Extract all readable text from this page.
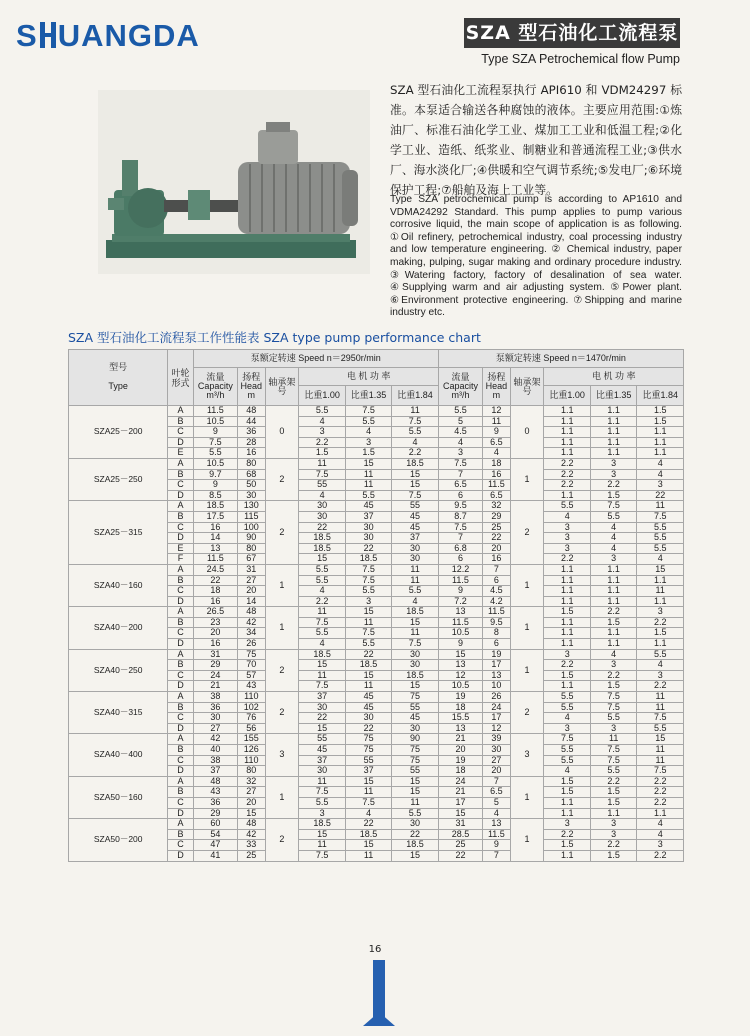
S UANGDA	SZA 型石油化工流程泵
Type SZA Petrochemical flow Pump
SZA 型石油化工流程泵执行 API610 和 VDM24297 标准。本泵适合输送各种腐蚀的液体。主要应用范围:①炼油厂、标准石油化学工业、煤加工工业和低温工程;②化学工业、造纸、纸浆业、制糖业和普通流程工业;③供水厂、海水淡化厂;④供暖和空气调节系统;⑤发电厂;⑥环境保护工程;⑦船舶及海上工业等。
Type SZA petrochemical pump is according to AP1610 and VDMA24292 Standard. This pump applies to pump various corrosive liquid, the main scope of application is as following. ①Oil refinery, petrochemical industry, coal processing industry and low temperature engineering. ② Chemical industry, paper making, pulping, sugar making and ordinary procedure industry. ③Watering factory, factory of desalination of sea water. ④Supplying warm and air adjusting system. ⑤Power plant. ⑥Environment protective engineering. ⑦Shipping and marine industry etc.
SZA 型石油化工流程泵工作性能表 SZA type pump performance chart
型号

Type	叶轮形式	泵额定转速 Speed n＝2950r/min						泵额定转速 Speed n＝1470r/min					
		流量 Capacity m³/h	扬程 Head m	轴承架号	电 机 功 率			流量 Capacity m³/h	扬程 Head m	轴承架号	电 机 功 率		
					比重1.00	比重1.35	比重1.84				比重1.00	比重1.35	比重1.84
SZA25－200	A	11.5	48	0	5.5	7.5	11	5.5	12	0	1.1	1.1	1.5
	B	10.5	44		4	5.5	7.5	5	11		1.1	1.1	1.5
	C	9	36		3	4	5.5	4.5	9		1.1	1.1	1.1
	D	7.5	28		2.2	3	4	4	6.5		1.1	1.1	1.1
	E	5.5	16		1.5	1.5	2.2	3	4		1.1	1.1	1.1
SZA25－250	A	10.5	80	2	11	15	18.5	7.5	18	1	2.2	3	4
	B	9.7	68		7.5	11	15	7	16		2.2	3	4
	C	9	50		55	11	15	6.5	11.5		2.2	2.2	3
	D	8.5	30		4	5.5	7.5	6	6.5		1.1	1.5	22
SZA25－315	A	18.5	130	2	30	45	55	9.5	32	2	5.5	7.5	11
	B	17.5	115		30	37	45	8.7	29		4	5.5	7.5
	C	16	100		22	30	45	7.5	25		3	4	5.5
	D	14	90		18.5	30	37	7	22		3	4	5.5
	E	13	80		18.5	22	30	6.8	20		3	4	5.5
	F	11.5	67		15	18.5	30	6	16		2.2	3	4
SZA40－160	A	24.5	31	1	5.5	7.5	11	12.2	7	1	1.1	1.1	15
	B	22	27		5.5	7.5	11	11.5	6		1.1	1.1	1.1
	C	18	20		4	5.5	5.5	9	4.5		1.1	1.1	11
	D	16	14		2.2	3	4	7.2	4.2		1.1	1.1	1.1
SZA40－200	A	26.5	48	1	11	15	18.5	13	11.5	1	1.5	2.2	3
	B	23	42		7.5	11	15	11.5	9.5		1.1	1.5	2.2
	C	20	34		5.5	7.5	11	10.5	8		1.1	1.1	1.5
	D	16	26		4	5.5	7.5	9	6		1.1	1.1	1.1
SZA40－250	A	31	75	2	18.5	22	30	15	19	1	3	4	5.5
	B	29	70		15	18.5	30	13	17		2.2	3	4
	C	24	57		11	15	18.5	12	13		1.5	2.2	3
	D	21	43		7.5	11	15	10.5	10		1.1	1.5	2.2
SZA40－315	A	38	110	2	37	45	75	19	26	2	5.5	7.5	11
	B	36	102		30	45	55	18	24		5.5	7.5	11
	C	30	76		22	30	45	15.5	17		4	5.5	7.5
	D	27	56		15	22	30	13	12		3	3	5.5
SZA40－400	A	42	155	3	55	75	90	21	39	3	7.5	11	15
	B	40	126		45	75	75	20	30		5.5	7.5	11
	C	38	110		37	55	75	19	27		5.5	7.5	11
	D	37	80		30	37	55	18	20		4	5.5	7.5
SZA50－160	A	48	32	1	11	15	15	24	7	1	1.5	2.2	2.2
	B	43	27		7.5	11	15	21	6.5		1.5	1.5	2.2
	C	36	20		5.5	7.5	11	17	5		1.1	1.5	2.2
	D	29	15		3	4	5.5	15	4		1.1	1.1	1.1
SZA50－200	A	60	48	2	18.5	22	30	31	13	1	3	3	4
	B	54	42		15	18.5	22	28.5	11.5		2.2	3	4
	C	47	33		11	15	18.5	25	9		1.5	2.2	3
	D	41	25		7.5	11	15	22	7		1.1	1.5	2.2
16
